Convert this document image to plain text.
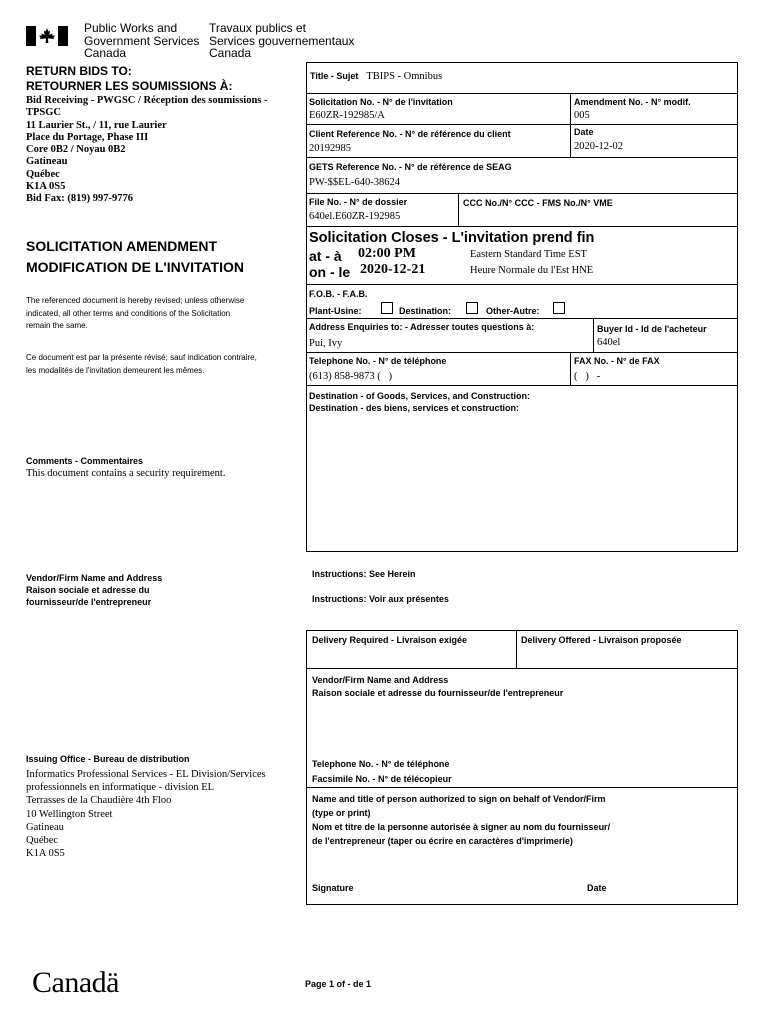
Public Works and
Government Services
Canada
Travaux publics et
Services gouvernementaux
Canada
RETURN BIDS TO:
RETOURNER LES SOUMISSIONS À:
Bid Receiving - PWGSC / Réception des soumissions -
TPSGC
11 Laurier St., / 11, rue Laurier
Place du Portage, Phase III
Core 0B2 / Noyau 0B2
Gatineau
Québec
K1A 0S5
Bid Fax: (819) 997-9776
SOLICITATION AMENDMENT
MODIFICATION DE L'INVITATION
The referenced document is hereby revised; unless otherwise
indicated, all other terms and conditions of the Solicitation
remain the same.
Ce document est par la présente révisé; sauf indication contraire,
les modalités de l'invitation demeurent les mêmes.
Comments - Commentaires
This document contains a security requirement.
Vendor/Firm Name and Address
Raison sociale et adresse du
fournisseur/de l'entrepreneur
Issuing Office - Bureau de distribution
Informatics Professional Services - EL Division/Services
professionnels en informatique - division EL
Terrasses de la Chaudière 4th Floo
10 Wellington Street
Gatineau
Québec
K1A 0S5
Title - Sujet TBIPS - Omnibus
Solicitation No. - N° de l'invitation
E60ZR-192985/A
Amendment No. - N° modif.
005
Client Reference No. - N° de référence du client
20192985
Date
2020-12-02
GETS Reference No. - N° de référence de SEAG
PW-$$EL-640-38624
File No. - N° de dossier
640el.E60ZR-192985
CCC No./N° CCC - FMS No./N° VME
Solicitation Closes - L'invitation prend fin
at - à 02:00 PM
on - le 2020-12-21
Eastern Standard Time EST
Heure Normale du l'Est HNE
F.O.B. - F.A.B.
Plant-Usine:	Destination:	Other-Autre:
Address Enquiries to: - Adresser toutes questions à:
Pui, Ivy
Buyer Id - Id de l'acheteur
640el
Telephone No. - N° de téléphone
(613) 858-9873 (   )
FAX No. - N° de FAX
(   )   -
Destination - of Goods, Services, and Construction:
Destination - des biens, services et construction:
Instructions: See Herein
Instructions: Voir aux présentes
Delivery Required - Livraison exigée	Delivery Offered - Livraison proposée
Vendor/Firm Name and Address
Raison sociale et adresse du fournisseur/de l'entrepreneur
Telephone No. - N° de téléphone
Facsimile No. - N° de télécopieur
Name and title of person authorized to sign on behalf of Vendor/Firm
(type or print)
Nom et titre de la personne autorisée à signer au nom du fournisseur/
de l'entrepreneur (taper ou écrire en caractères d'imprimerie)
Signature	Date
Canadä	Page 1 of - de 1
